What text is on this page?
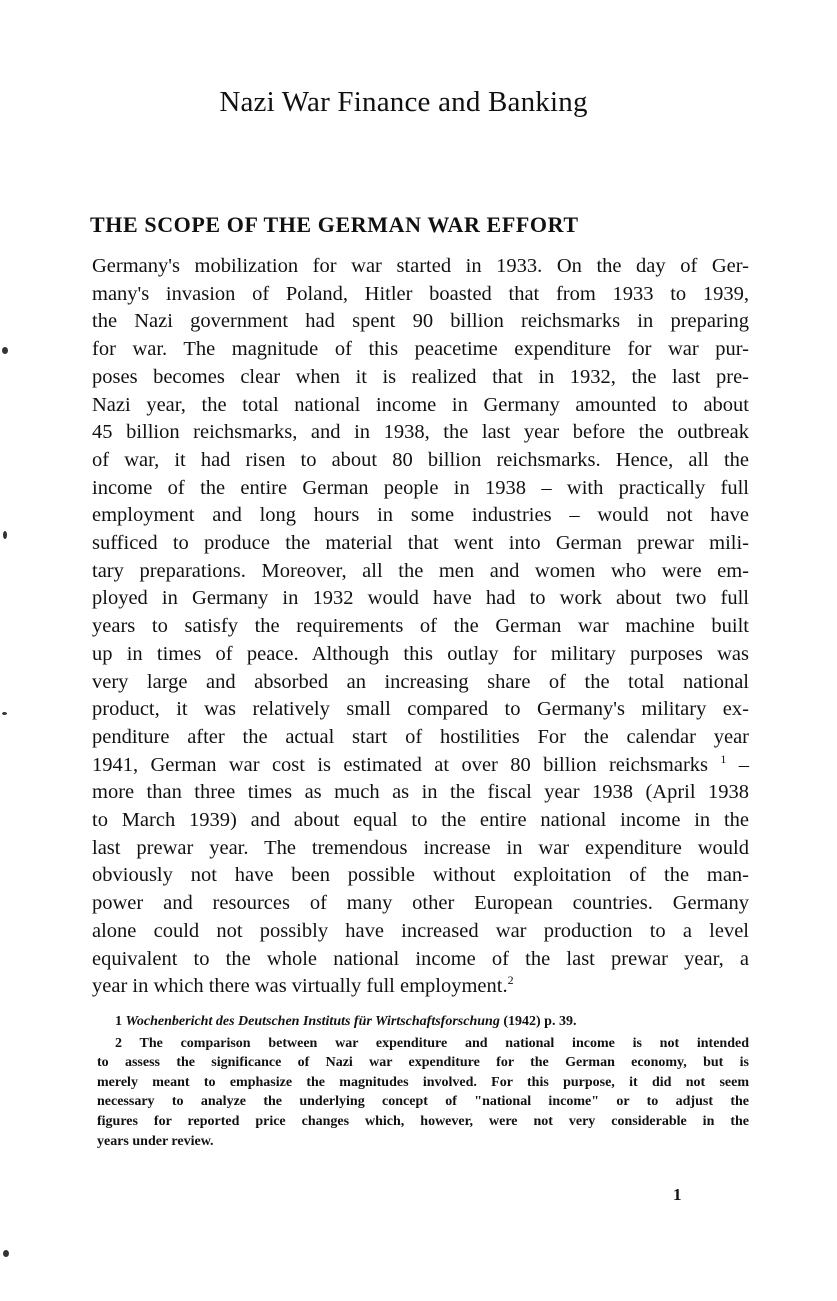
Nazi War Finance and Banking
THE SCOPE OF THE GERMAN WAR EFFORT
Germany's mobilization for war started in 1933. On the day of Ger-
many's invasion of Poland, Hitler boasted that from 1933 to 1939,
the Nazi government had spent 90 billion reichsmarks in preparing
for war. The magnitude of this peacetime expenditure for war pur-
poses becomes clear when it is realized that in 1932, the last pre-
Nazi year, the total national income in Germany amounted to about
45 billion reichsmarks, and in 1938, the last year before the outbreak
of war, it had risen to about 80 billion reichsmarks. Hence, all the
income of the entire German people in 1938 – with practically full
employment and long hours in some industries – would not have
sufficed to produce the material that went into German prewar mili-
tary preparations. Moreover, all the men and women who were em-
ployed in Germany in 1932 would have had to work about two full
years to satisfy the requirements of the German war machine built
up in times of peace. Although this outlay for military purposes was
very large and absorbed an increasing share of the total national
product, it was relatively small compared to Germany's military ex-
penditure after the actual start of hostilities For the calendar year
1941, German war cost is estimated at over 80 billion reichsmarks $^1$ –
more than three times as much as in the fiscal year 1938 (April 1938
to March 1939) and about equal to the entire national income in the
last prewar year. The tremendous increase in war expenditure would
obviously not have been possible without exploitation of the man-
power and resources of many other European countries. Germany
alone could not possibly have increased war production to a level
equivalent to the whole national income of the last prewar year, a
year in which there was virtually full employment.$^2$
1 Wochenbericht des Deutschen Instituts für Wirtschaftsforschung (1942) p. 39.
2 The comparison between war expenditure and national income is not intended
to assess the significance of Nazi war expenditure for the German economy, but is
merely meant to emphasize the magnitudes involved. For this purpose, it did not seem
necessary to analyze the underlying concept of "national income" or to adjust the
figures for reported price changes which, however, were not very considerable in the
years under review.
1
